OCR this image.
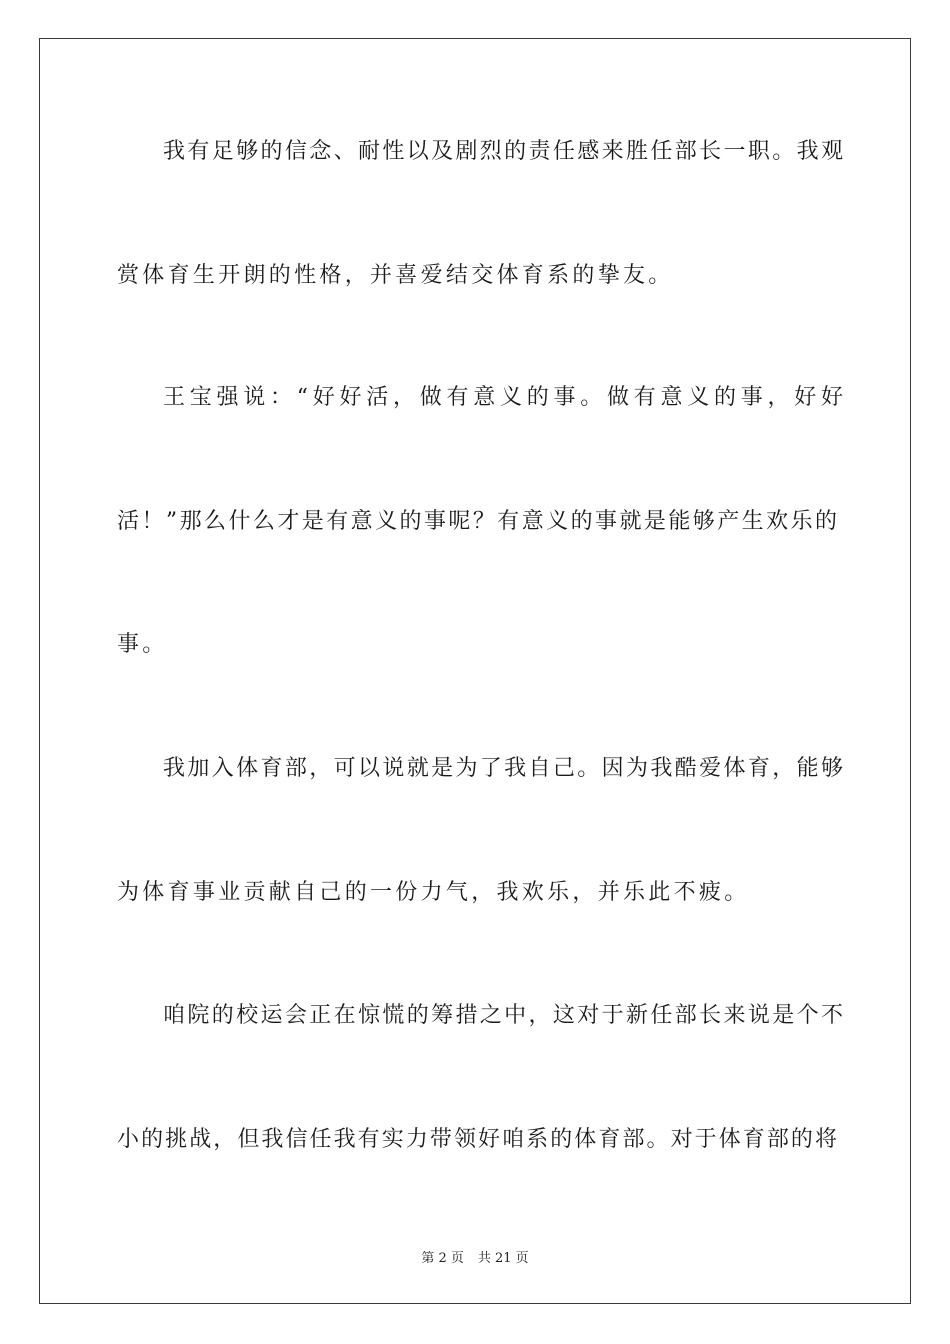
我有足够的信念、耐性以及剧烈的责任感来胜任部长一职。我观
赏体育生开朗的性格，并喜爱结交体育系的挚友。
王宝强说：“好好活，做有意义的事。做有意义的事，好好
活！”那么什么才是有意义的事呢？有意义的事就是能够产生欢乐的
事。
我加入体育部，可以说就是为了我自己。因为我酷爱体育，能够
为体育事业贡献自己的一份力气，我欢乐，并乐此不疲。
咱院的校运会正在惊慌的筹措之中，这对于新任部长来说是个不
小的挑战，但我信任我有实力带领好咱系的体育部。对于体育部的将
第 2 页 共 21 页
